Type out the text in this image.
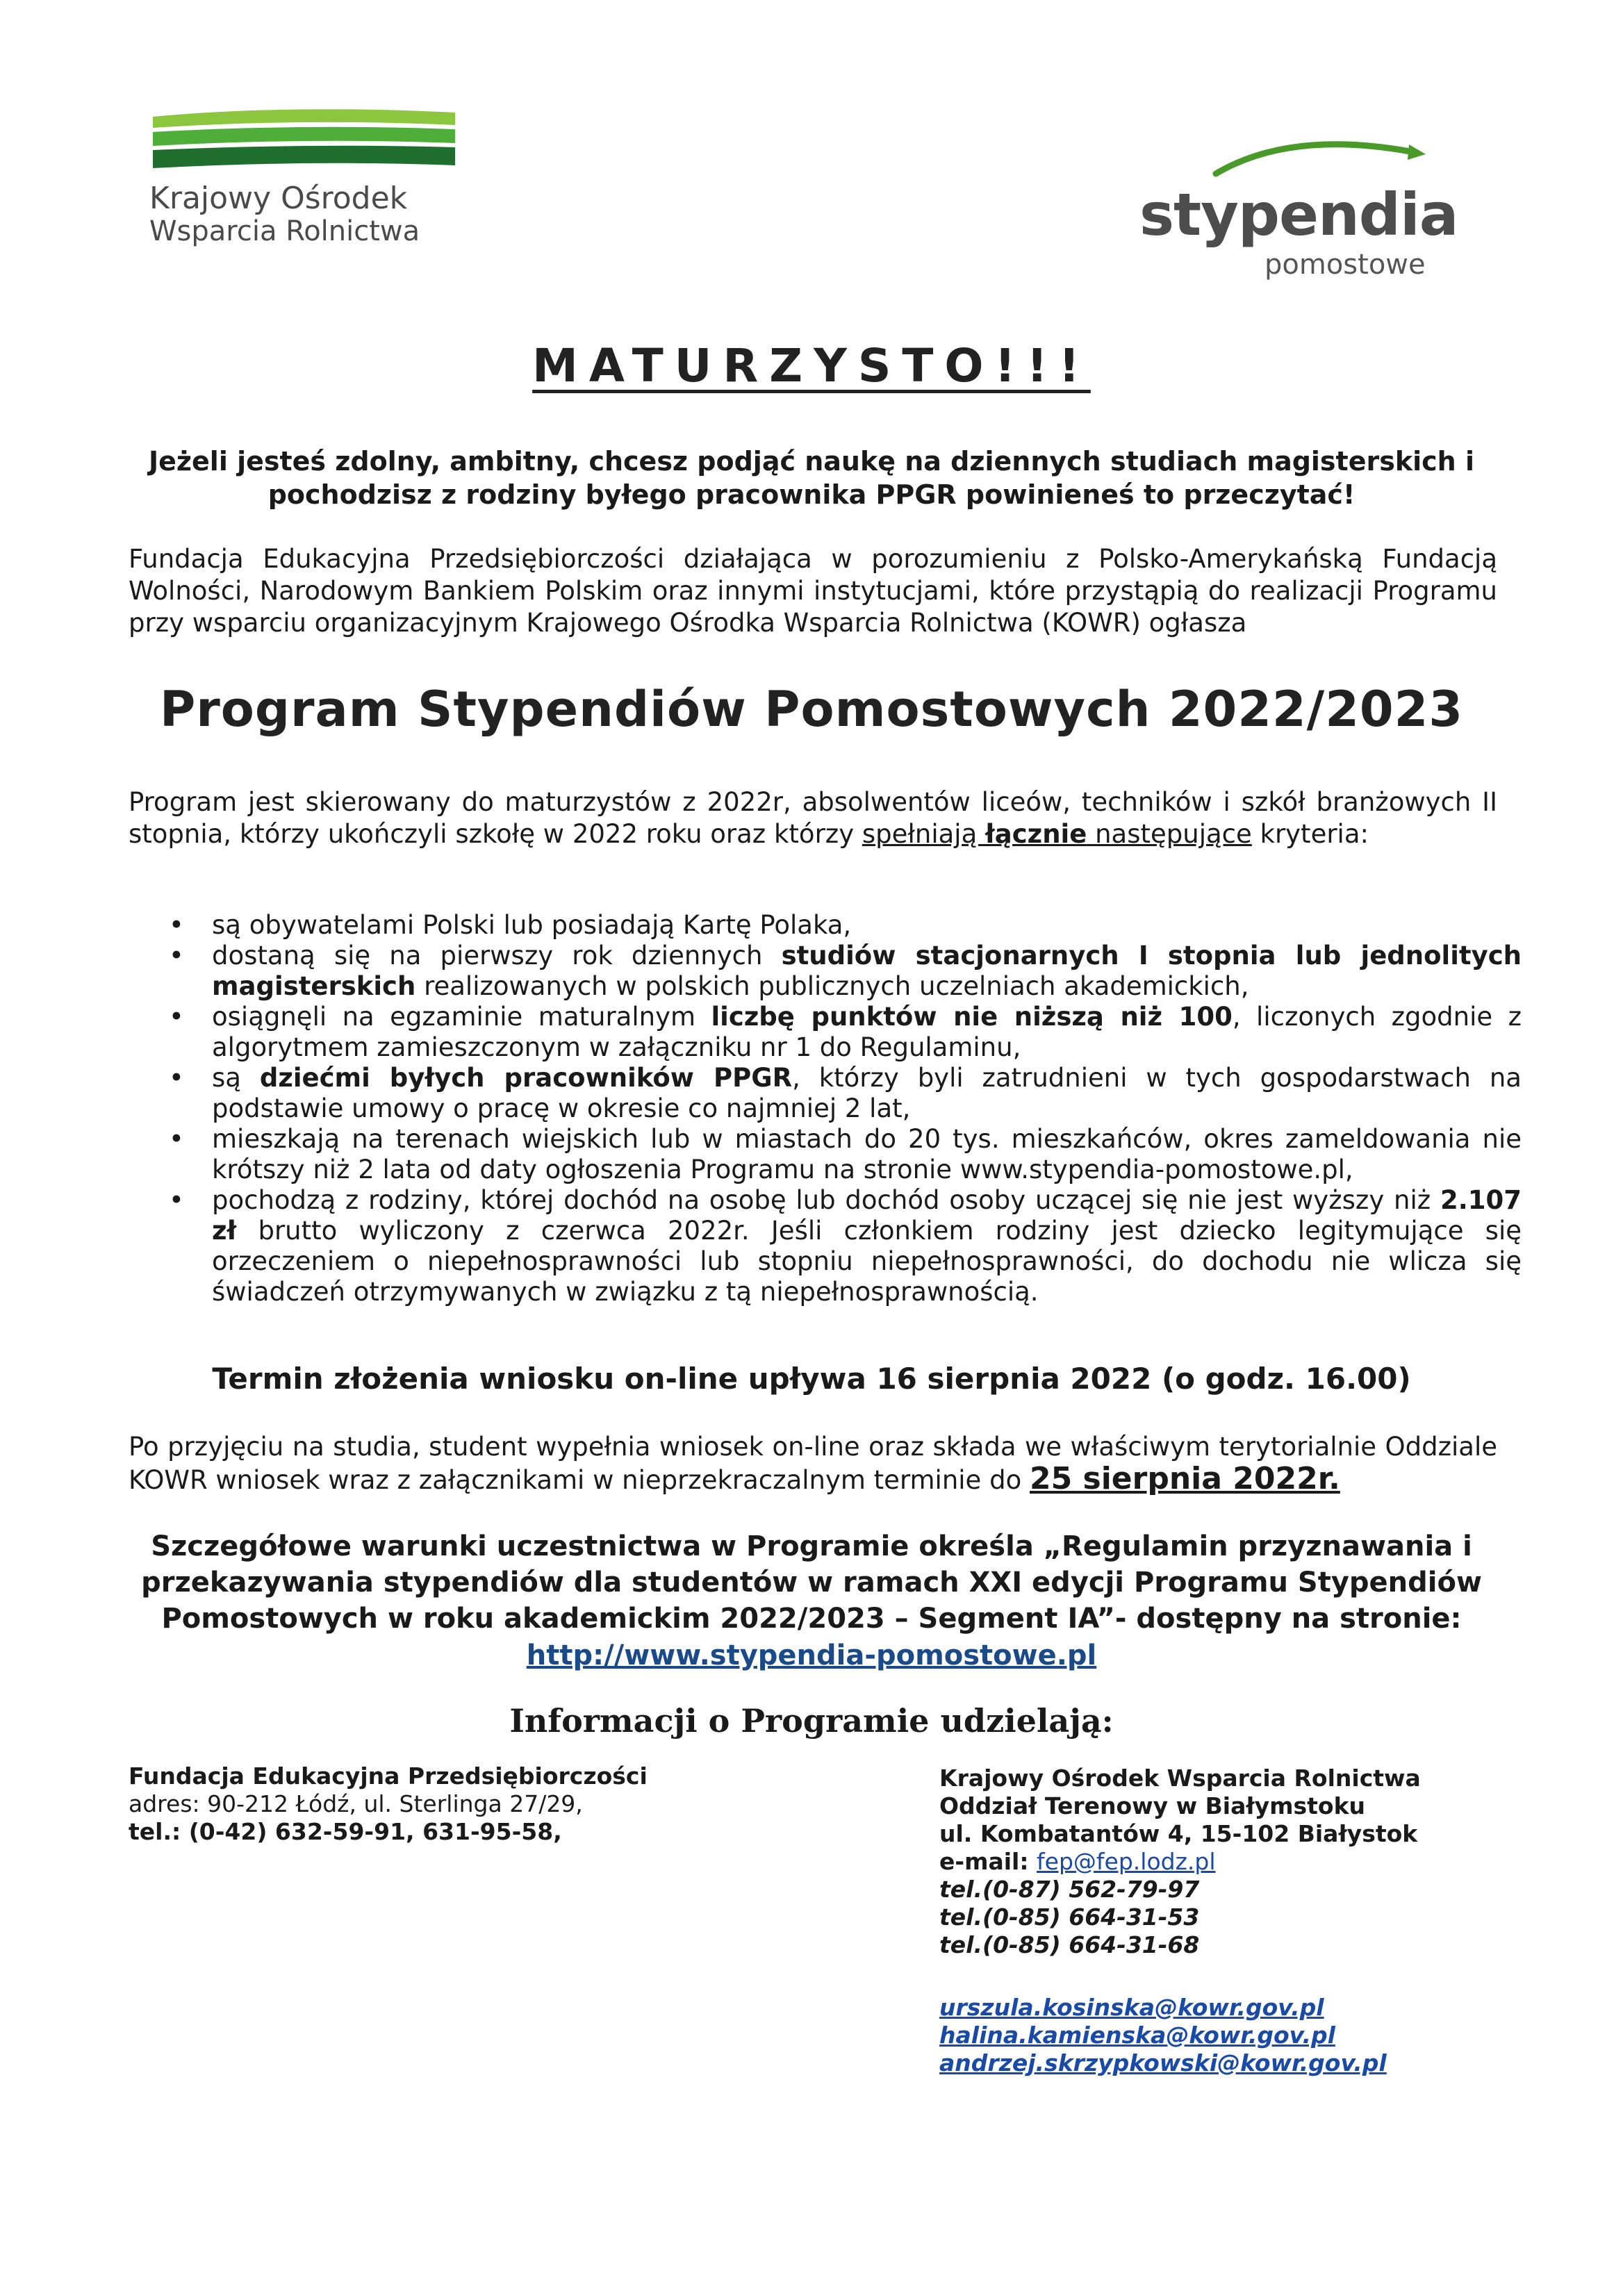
Krajowy Ośrodek
Wsparcia Rolnictwa	stypendia
pomostowe
MATURZYSTO!!!
Jeżeli jesteś zdolny, ambitny, chcesz podjąć naukę na dziennych studiach magisterskich i pochodzisz z rodziny byłego pracownika PPGR powinieneś to przeczytać!
Fundacja Edukacyjna Przedsiębiorczości działająca w porozumieniu z Polsko-Amerykańską Fundacją Wolności, Narodowym Bankiem Polskim oraz innymi instytucjami, które przystąpią do realizacji Programu przy wsparciu organizacyjnym Krajowego Ośrodka Wsparcia Rolnictwa (KOWR) ogłasza
Program Stypendiów Pomostowych 2022/2023
Program jest skierowany do maturzystów z 2022r, absolwentów liceów, techników i szkół branżowych II stopnia, którzy ukończyli szkołę w 2022 roku oraz którzy spełniają łącznie następujące kryteria:
• są obywatelami Polski lub posiadają Kartę Polaka,
• dostaną się na pierwszy rok dziennych studiów stacjonarnych I stopnia lub jednolitych magisterskich realizowanych w polskich publicznych uczelniach akademickich,
• osiągnęli na egzaminie maturalnym liczbę punktów nie niższą niż 100, liczonych zgodnie z algorytmem zamieszczonym w załączniku nr 1 do Regulaminu,
• są dziećmi byłych pracowników PPGR, którzy byli zatrudnieni w tych gospodarstwach na podstawie umowy o pracę w okresie co najmniej 2 lat,
• mieszkają na terenach wiejskich lub w miastach do 20 tys. mieszkańców, okres zameldowania nie krótszy niż 2 lata od daty ogłoszenia Programu na stronie www.stypendia-pomostowe.pl,
• pochodzą z rodziny, której dochód na osobę lub dochód osoby uczącej się nie jest wyższy niż 2.107 zł brutto wyliczony z czerwca 2022r. Jeśli członkiem rodziny jest dziecko legitymujące się orzeczeniem o niepełnosprawności lub stopniu niepełnosprawności, do dochodu nie wlicza się świadczeń otrzymywanych w związku z tą niepełnosprawnością.
Termin złożenia wniosku on-line upływa 16 sierpnia 2022 (o godz. 16.00)
Po przyjęciu na studia, student wypełnia wniosek on-line oraz składa we właściwym terytorialnie Oddziale KOWR wniosek wraz z załącznikami w nieprzekraczalnym terminie do 25 sierpnia 2022r.
Szczegółowe warunki uczestnictwa w Programie określa „Regulamin przyznawania i przekazywania stypendiów dla studentów w ramach XXI edycji Programu Stypendiów Pomostowych w roku akademickim 2022/2023 – Segment IA”- dostępny na stronie:
http://www.stypendia-pomostowe.pl
Informacji o Programie udzielają:
Fundacja Edukacyjna Przedsiębiorczości
adres: 90-212 Łódź, ul. Sterlinga 27/29,
tel.: (0-42) 632-59-91, 631-95-58,
Krajowy Ośrodek Wsparcia Rolnictwa
Oddział Terenowy w Białymstoku
ul. Kombatantów 4, 15-102 Białystok
e-mail: fep@fep.lodz.pl
tel.(0-87) 562-79-97
tel.(0-85) 664-31-53
tel.(0-85) 664-31-68
urszula.kosinska@kowr.gov.pl
halina.kamienska@kowr.gov.pl
andrzej.skrzypkowski@kowr.gov.pl
